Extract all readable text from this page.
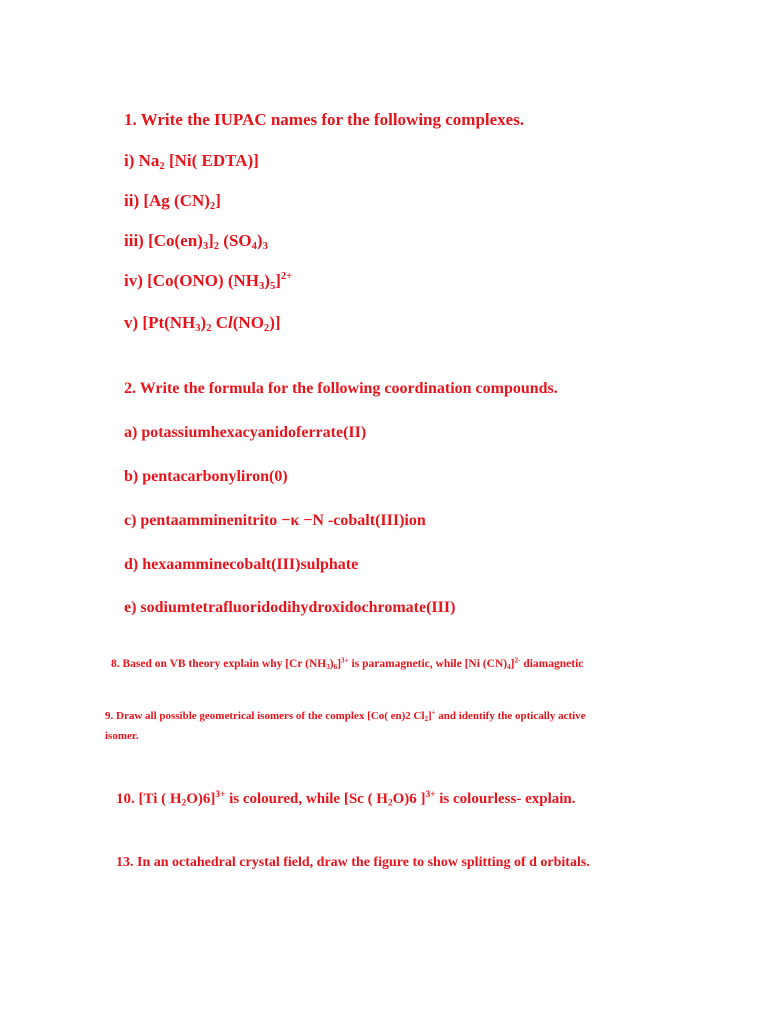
1. Write the IUPAC names for the following complexes.
i) $Na_2$ [Ni( EDTA)]
ii) [Ag $(CN)_2$]
iii) $[Co(en)_3]_2$ $(SO_4)_3$
iv) [Co(ONO) $(NH_3)_5]^{2+}$
v) [$Pt(NH_3)_2$ $Cl(NO_2)$]
2. Write the formula for the following coordination compounds.
a) potassiumhexacyanidoferrate(II)
b) pentacarbonyliron(0)
c) pentaamminenitrito −κ −N -cobalt(III)ion
d) hexaamminecobalt(III)sulphate
e) sodiumtetrafluoridodihydroxidochromate(III)
8. Based on VB theory explain why [Cr $(NH_3)_6]^{3+}$ is paramagnetic, while [Ni $(CN)_4]^{2-}$ diamagnetic
9. Draw all possible geometrical isomers of the complex [Co( en)2 $Cl_2]^+$ and identify the optically active
isomer.
10. [Ti ( $H_2O)6]^{3+}$ is coloured, while [Sc ( $H_2O)6$ ]$^{3+}$ is colourless- explain.
13. In an octahedral crystal field, draw the figure to show splitting of d orbitals.
